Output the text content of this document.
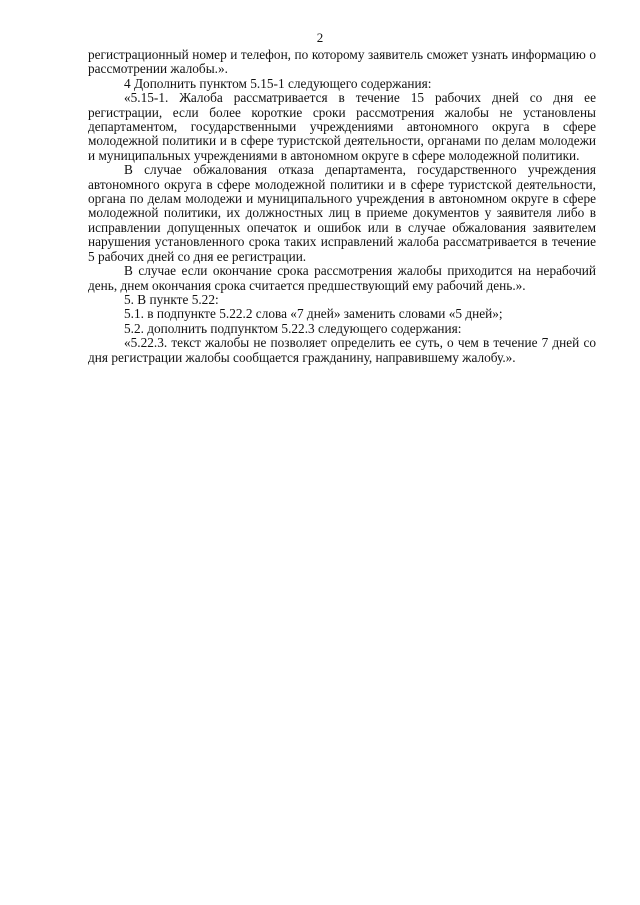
2

регистрационный номер и телефон, по которому заявитель сможет узнать информацию о рассмотрении жалобы.».

4 Дополнить пунктом 5.15-1 следующего содержания:

«5.15-1. Жалоба рассматривается в течение 15 рабочих дней со дня ее регистрации, если более короткие сроки рассмотрения жалобы не установлены департаментом, государственными учреждениями автономного округа в сфере молодежной политики и в сфере туристской деятельности, органами по делам молодежи и муниципальных учреждениями в автономном округе в сфере молодежной политики.

В случае обжалования отказа департамента, государственного учреждения автономного округа в сфере молодежной политики и в сфере туристской деятельности, органа по делам молодежи и муниципального учреждения в автономном округе в сфере молодежной политики, их должностных лиц в приеме документов у заявителя либо в исправлении допущенных опечаток и ошибок или в случае обжалования заявителем нарушения установленного срока таких исправлений жалоба рассматривается в течение 5 рабочих дней со дня ее регистрации.

В случае если окончание срока рассмотрения жалобы приходится на нерабочий день, днем окончания срока считается предшествующий ему рабочий день.».

5. В пункте 5.22:

5.1. в подпункте 5.22.2 слова «7 дней» заменить словами «5 дней»;

5.2. дополнить подпунктом 5.22.3 следующего содержания:

«5.22.3. текст жалобы не позволяет определить ее суть, о чем в течение 7 дней со дня регистрации жалобы сообщается гражданину, направившему жалобу.».
